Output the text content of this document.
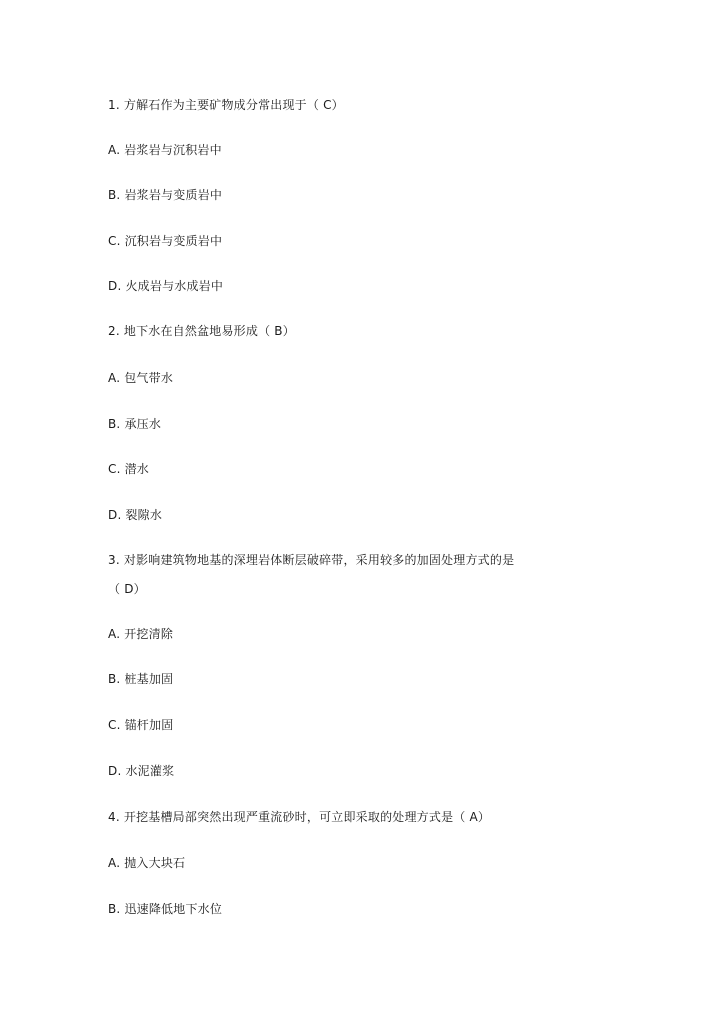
1. 方解石作为主要矿物成分常出现于（ C）
A. 岩浆岩与沉积岩中
B. 岩浆岩与变质岩中
C. 沉积岩与变质岩中
D. 火成岩与水成岩中
2. 地下水在自然盆地易形成（ B）
A. 包气带水
B. 承压水
C. 潜水
D. 裂隙水
3. 对影响建筑物地基的深埋岩体断层破碎带，采用较多的加固处理方式的是
（ D）
A. 开挖清除
B. 桩基加固
C. 锚杆加固
D. 水泥灌浆
4. 开挖基槽局部突然出现严重流砂时，可立即采取的处理方式是（ A）
A. 抛入大块石
B. 迅速降低地下水位
